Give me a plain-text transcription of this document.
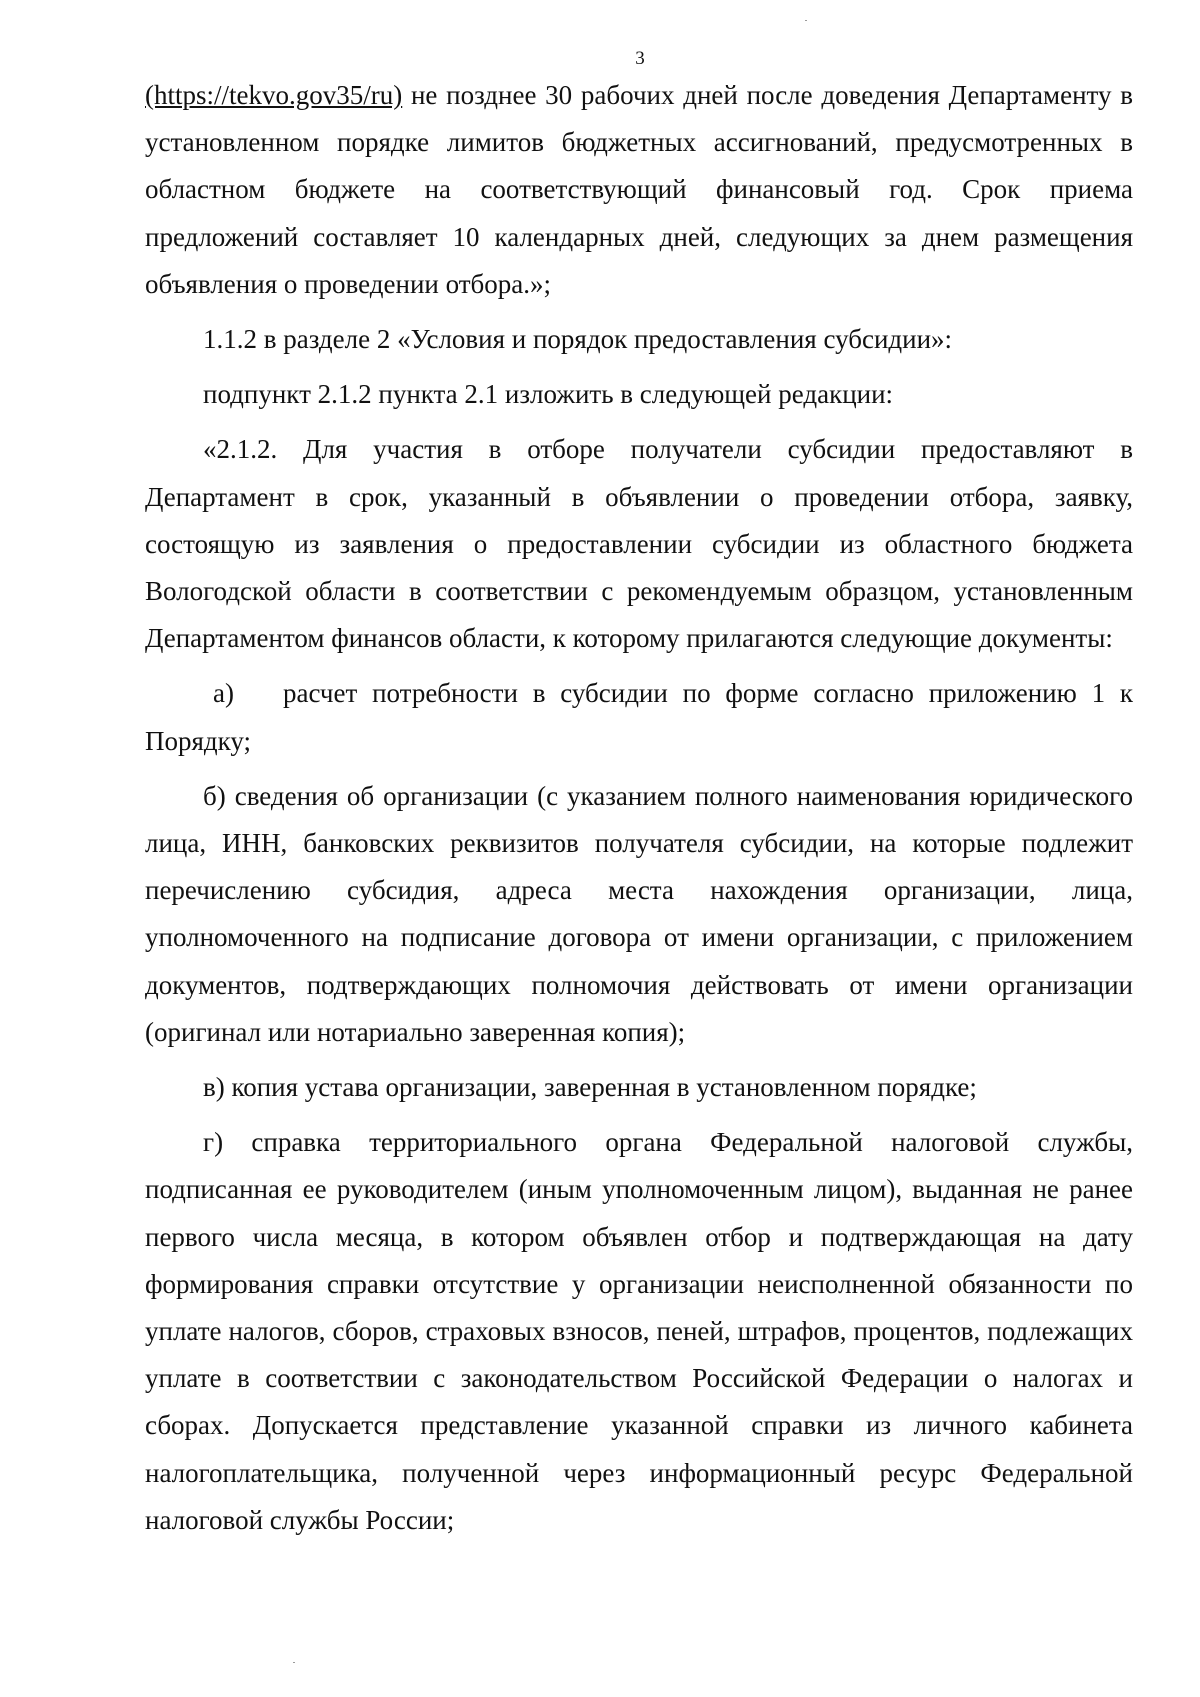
3

(https://tekvo.gov35/ru) не позднее 30 рабочих дней после доведения Департаменту в установленном порядке лимитов бюджетных ассигнований, предусмотренных в областном бюджете на соответствующий финансовый год. Срок приема предложений составляет 10 календарных дней, следующих за днем размещения объявления о проведении отбора.»;

1.1.2 в разделе 2 «Условия и порядок предоставления субсидии»:

подпункт 2.1.2 пункта 2.1 изложить в следующей редакции:

«2.1.2. Для участия в отборе получатели субсидии предоставляют в Департамент в срок, указанный в объявлении о проведении отбора, заявку, состоящую из заявления о предоставлении субсидии из областного бюджета Вологодской области в соответствии с рекомендуемым образцом, установленным Департаментом финансов области, к которому прилагаются следующие документы:

а) расчет потребности в субсидии по форме согласно приложению 1 к Порядку;

б) сведения об организации (с указанием полного наименования юридического лица, ИНН, банковских реквизитов получателя субсидии, на которые подлежит перечислению субсидия, адреса места нахождения организации, лица, уполномоченного на подписание договора от имени организации, с приложением документов, подтверждающих полномочия действовать от имени организации (оригинал или нотариально заверенная копия);

в) копия устава организации, заверенная в установленном порядке;

г) справка территориального органа Федеральной налоговой службы, подписанная ее руководителем (иным уполномоченным лицом), выданная не ранее первого числа месяца, в котором объявлен отбор и подтверждающая на дату формирования справки отсутствие у организации неисполненной обязанности по уплате налогов, сборов, страховых взносов, пеней, штрафов, процентов, подлежащих уплате в соответствии с законодательством Российской Федерации о налогах и сборах. Допускается представление указанной справки из личного кабинета налогоплательщика, полученной через информационный ресурс Федеральной налоговой службы России;
